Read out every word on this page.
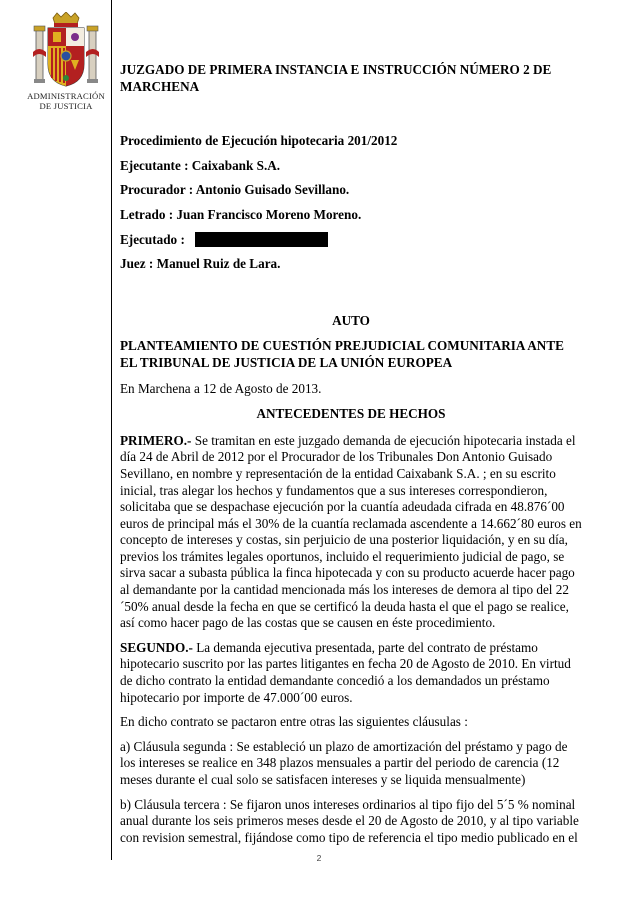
ADMINISTRACIÓN
DE JUSTICIA

JUZGADO DE PRIMERA INSTANCIA E INSTRUCCIÓN NÚMERO 2 DE MARCHENA

Procedimiento de Ejecución hipotecaria 201/2012

Ejecutante : Caixabank S.A.

Procurador : Antonio Guisado Sevillano.

Letrado : Juan Francisco Moreno Moreno.

Ejecutado :

Juez : Manuel Ruiz de Lara.

AUTO

PLANTEAMIENTO DE CUESTIÓN PREJUDICIAL COMUNITARIA ANTE EL TRIBUNAL DE JUSTICIA DE LA UNIÓN EUROPEA

En Marchena a 12 de Agosto de 2013.

ANTECEDENTES DE HECHOS

PRIMERO.- Se tramitan en este juzgado demanda de ejecución hipotecaria instada el día 24 de Abril de 2012 por el Procurador de los Tribunales Don Antonio Guisado Sevillano, en nombre y representación de la entidad Caixabank S.A. ; en su escrito inicial, tras alegar los hechos y fundamentos que a sus intereses correspondieron, solicitaba que se despachase ejecución por la cuantía adeudada cifrada en 48.876´00 euros de principal más el 30% de la cuantía reclamada ascendente a 14.662´80 euros en concepto de intereses y costas, sin perjuicio de una posterior liquidación, y en su día, previos los trámites legales oportunos, incluido el requerimiento judicial de pago, se sirva sacar a subasta pública la finca hipotecada y con su producto acuerde hacer pago al demandante por la cantidad mencionada más los intereses de demora al tipo del 22´50% anual desde la fecha en que se certificó la deuda hasta el que el pago se realice, así como hacer pago de las costas que se causen en éste procedimiento.

SEGUNDO.- La demanda ejecutiva presentada, parte del contrato de préstamo hipotecario suscrito por las partes litigantes en fecha 20 de Agosto de 2010. En virtud de dicho contrato la entidad demandante concedió a los demandados un préstamo hipotecario por importe de 47.000´00 euros.

En dicho contrato se pactaron entre otras las siguientes cláusulas :

a) Cláusula segunda : Se estableció un plazo de amortización del préstamo y pago de los intereses se realice en 348 plazos mensuales a partir del periodo de carencia (12 meses durante el cual solo se satisfacen intereses y se liquida mensualmente)

b) Cláusula tercera : Se fijaron unos intereses ordinarios al tipo fijo del 5´5 % nominal anual durante los seis primeros meses desde el 20 de Agosto de 2010, y al tipo variable con revision semestral, fijándose como tipo de referencia el tipo medio publicado en el

2
